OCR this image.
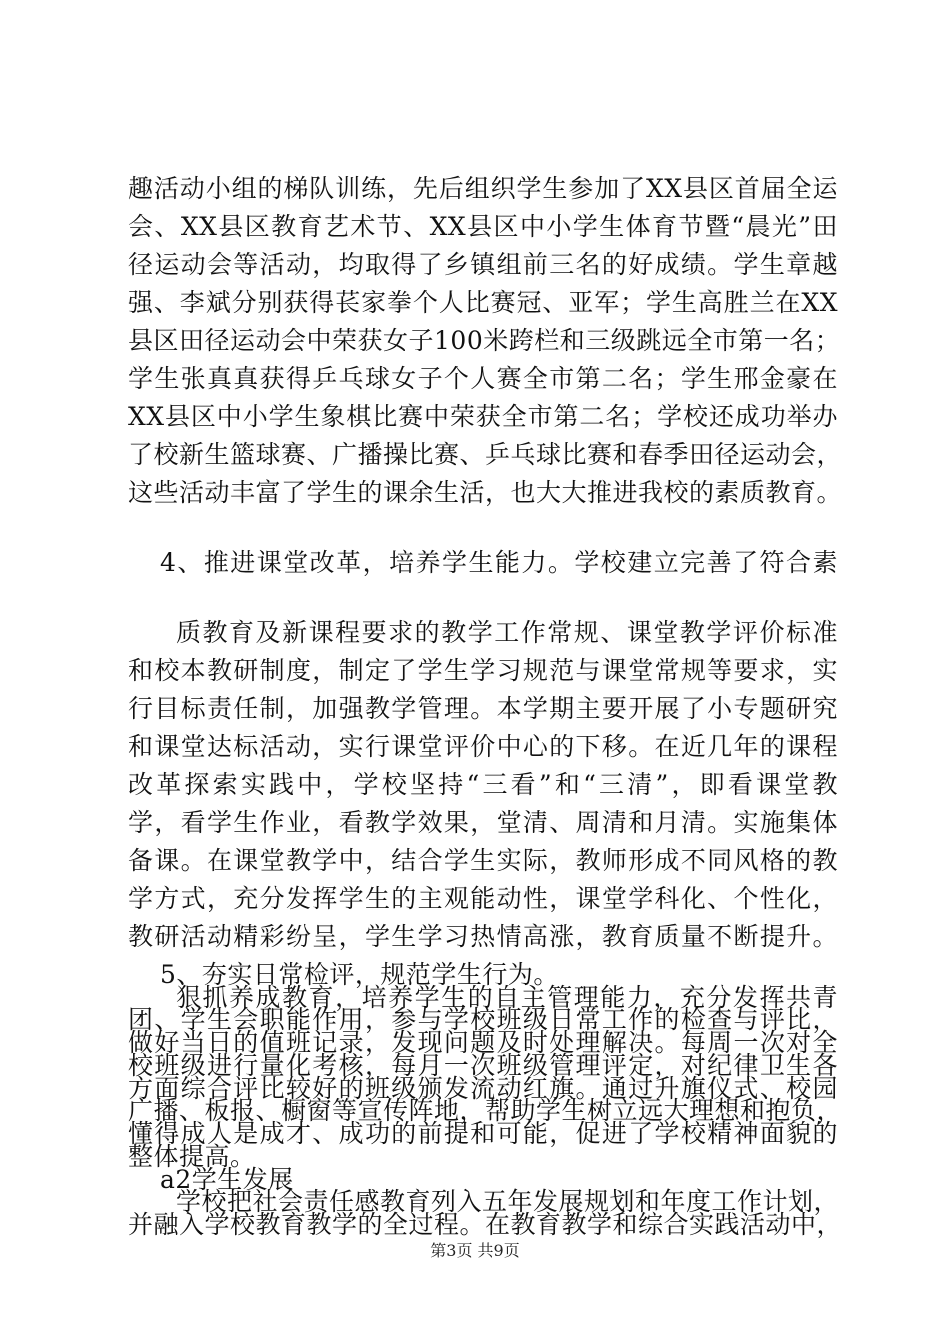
趣活动小组的梯队训练，先后组织学生参加了XX县区首届全运
会、XX县区教育艺术节、XX县区中小学生体育节暨“晨光”田
径运动会等活动，均取得了乡镇组前三名的好成绩。学生章越
强、李斌分别获得苌家拳个人比赛冠、亚军；学生高胜兰在XX
县区田径运动会中荣获女子100米跨栏和三级跳远全市第一名；
学生张真真获得乒乓球女子个人赛全市第二名；学生邢金豪在
XX县区中小学生象棋比赛中荣获全市第二名；学校还成功举办
了校新生篮球赛、广播操比赛、乒乓球比赛和春季田径运动会，
这些活动丰富了学生的课余生活，也大大推进我校的素质教育。
4、推进课堂改革，培养学生能力。学校建立完善了符合素
质教育及新课程要求的教学工作常规、课堂教学评价标准
和校本教研制度，制定了学生学习规范与课堂常规等要求，实
行目标责任制，加强教学管理。本学期主要开展了小专题研究
和课堂达标活动，实行课堂评价中心的下移。在近几年的课程
改革探索实践中，学校坚持“三看”和“三清”，即看课堂教
学，看学生作业，看教学效果，堂清、周清和月清。实施集体
备课。在课堂教学中，结合学生实际，教师形成不同风格的教
学方式，充分发挥学生的主观能动性，课堂学科化、个性化，
教研活动精彩纷呈，学生学习热情高涨，教育质量不断提升。
5、夯实日常检评，规范学生行为。
狠抓养成教育，培养学生的自主管理能力，充分发挥共青
团、学生会职能作用，参与学校班级日常工作的检查与评比，
做好当日的值班记录，发现问题及时处理解决。每周一次对全
校班级进行量化考核，每月一次班级管理评定，对纪律卫生各
方面综合评比较好的班级颁发流动红旗。通过升旗仪式、校园
广播、板报、橱窗等宣传阵地，帮助学生树立远大理想和抱负，
懂得成人是成才、成功的前提和可能，促进了学校精神面貌的
整体提高。
a2学生发展
第3页 共9页
学校把社会责任感教育列入五年发展规划和年度工作计划，
并融入学校教育教学的全过程。在教育教学和综合实践活动中，
